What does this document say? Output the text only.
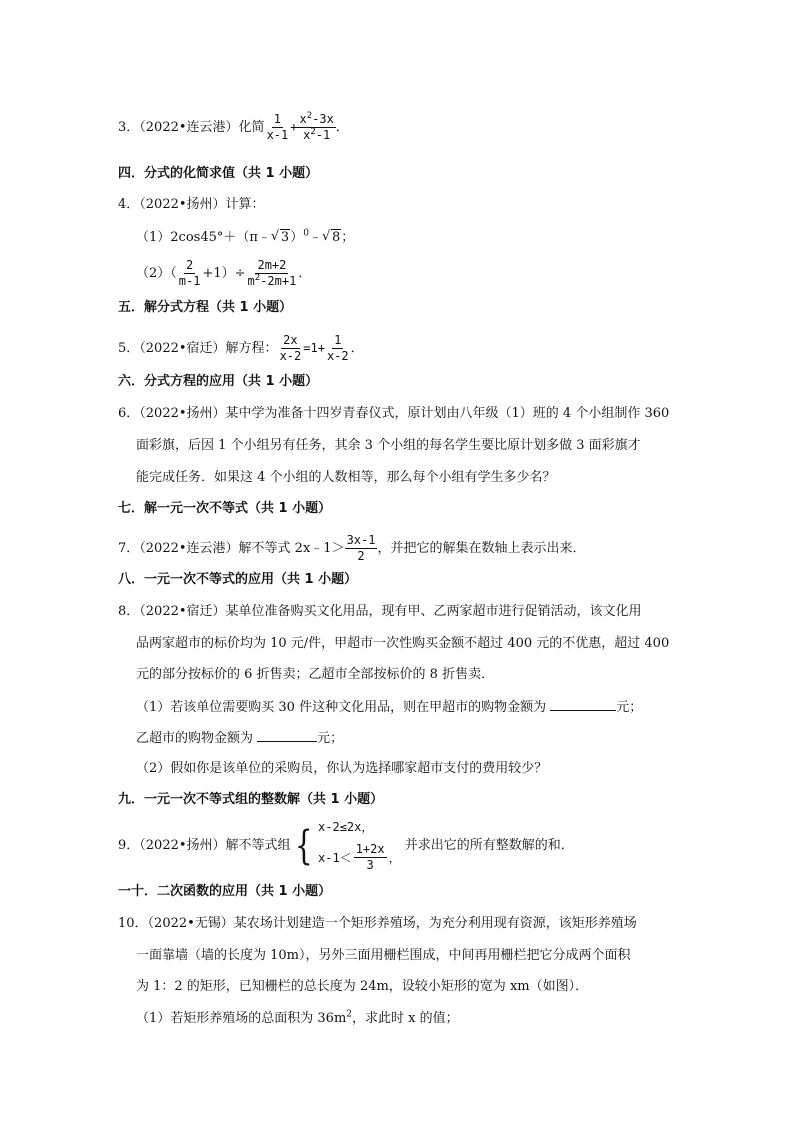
3．（2022•连云港）化简 $\frac{1}{x-1} + \frac{x^2-3x}{x^2-1}$ ．
四．分式的化简求值（共 1 小题）
4．（2022•扬州）计算：
（1）2cos45°＋（π﹣ √ 3）$^0$﹣ √ 8；
$(2)( \frac{2}{m-1} +1)\div \frac{2m+2}{m^2-2m+1}$ ．
五．解分式方程（共 1 小题）
5．（2022•宿迁）解方程： $\frac{2x}{x-2} =1+ \frac{1}{x-2}$ ．
六．分式方程的应用（共 1 小题）
6．（2022•扬州）某中学为准备十四岁青春仪式，原计划由八年级（1）班的 4 个小组制作 360
面彩旗，后因 1 个小组另有任务，其余 3 个小组的每名学生要比原计划多做 3 面彩旗才
能完成任务．如果这 4 个小组的人数相等，那么每个小组有学生多少名？
七．解一元一次不等式（共 1 小题）
7．（2022•连云港）解不等式 2x﹣1＞ $\frac{3x-1}{2}$ ，并把它的解集在数轴上表示出来．
八．一元一次不等式的应用（共 1 小题）
8．（2022•宿迁）某单位准备购买文化用品，现有甲、乙两家超市进行促销活动，该文化用
品两家超市的标价均为 10 元/件，甲超市一次性购买金额不超过 400 元的不优惠，超过 400
元的部分按标价的 6 折售卖；乙超市全部按标价的 8 折售卖．
（1）若该单位需要购买 30 件这种文化用品，则在甲超市的购物金额为	元；
乙超市的购物金额为	元；
（2）假如你是该单位的采购员，你认为选择哪家超市支付的费用较少？
九．一元一次不等式组的整数解（共 1 小题）
9．（2022•扬州）解不等式组 { x-2≤2x，
$x-1< \frac{1+2x}{3}$ ，
并求出它的所有整数解的和．
一十．二次函数的应用（共 1 小题）
10．（2022•无锡）某农场计划建造一个矩形养殖场，为充分利用现有资源，该矩形养殖场
一面靠墙（墙的长度为 10m），另外三面用栅栏围成，中间再用栅栏把它分成两个面积
为 1：2 的矩形，已知栅栏的总长度为 24m，设较小矩形的宽为 xm（如图）．
（1）若矩形养殖场的总面积为 $36m^2$，求此时 x 的值；
